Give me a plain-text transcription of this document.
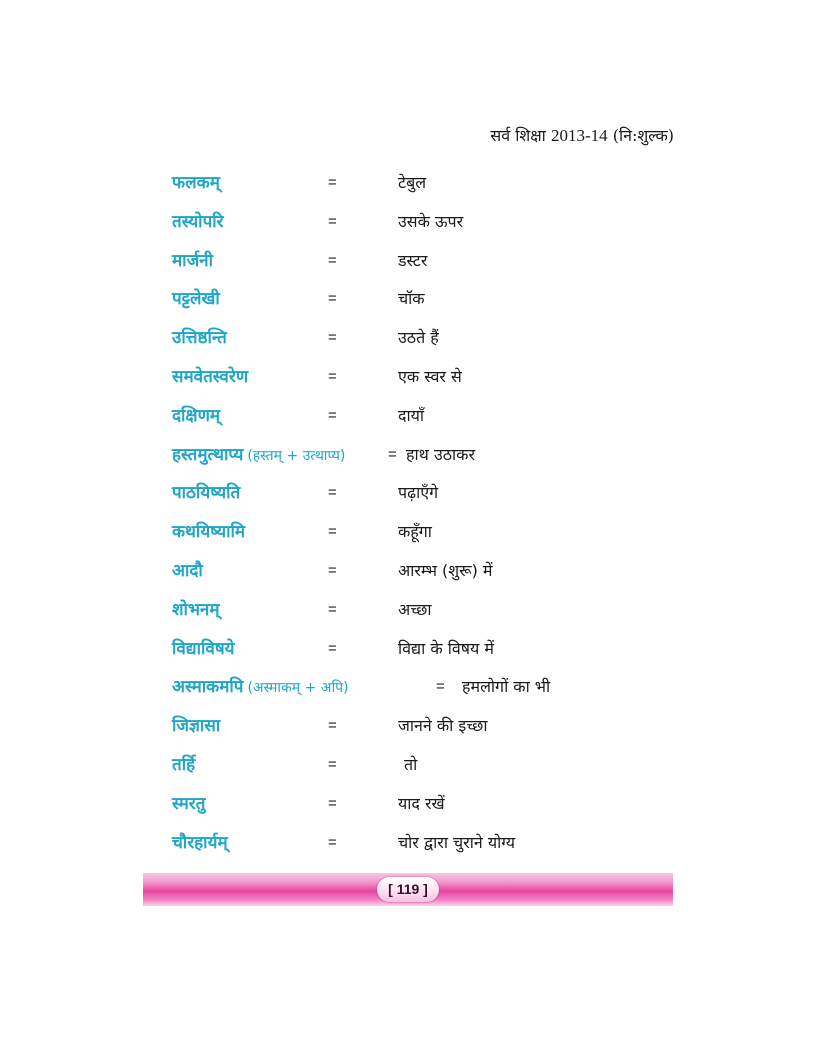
सर्व शिक्षा 2013-14 (नि:शुल्क)
फलकम्	=	टेबुल
तस्योपरि	=	उसके ऊपर
मार्जनी	=	डस्टर
पट्टलेखी	=	चॉक
उत्तिष्ठन्ति	=	उठते हैं
समवेतस्वरेण	=	एक स्वर से
दक्षिणम्	=	दायाँ
हस्तमुत्थाप्य (हस्तम् + उत्थाप्य)	= हाथ उठाकर
पाठयिष्यति	=	पढ़ाएँगे
कथयिष्यामि	=	कहूँगा
आदौ	=	आरम्भ (शुरू) में
शोभनम्	=	अच्छा
विद्याविषये	=	विद्या के विषय में
अस्माकमपि (अस्माकम् + अपि)	= हमलोगों का भी
जिज्ञासा	=	जानने की इच्छा
तर्हि	=	तो
स्मरतु	=	याद रखें
चौरहार्यम्	=	चोर द्वारा चुराने योग्य
[ 119 ]
